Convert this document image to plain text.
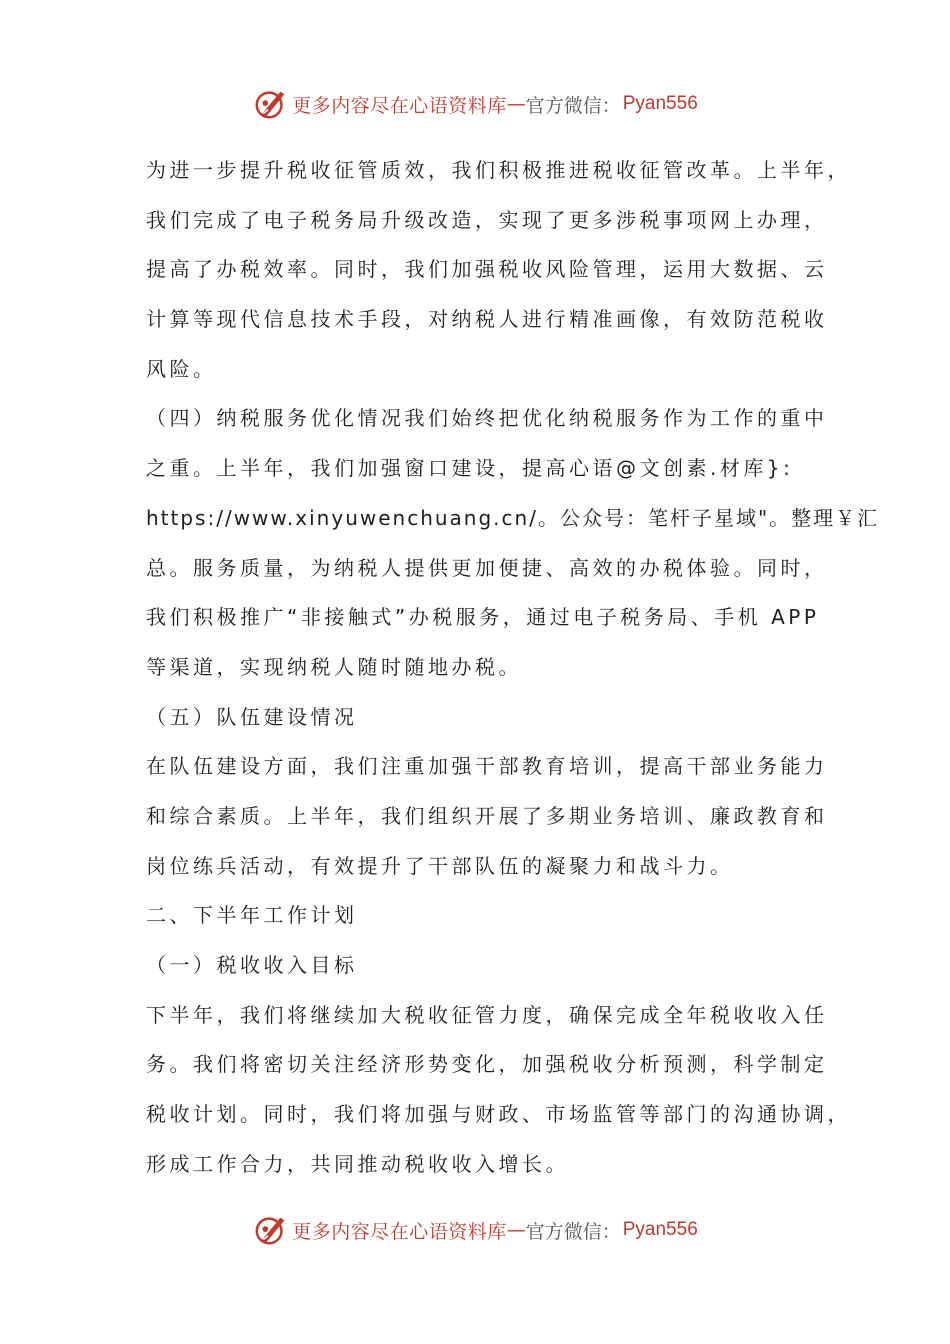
更多内容尽在心语资料库 — 官方微信： Pyan556
为进一步提升税收征管质效，我们积极推进税收征管改革。上半年，
我们完成了电子税务局升级改造，实现了更多涉税事项网上办理，
提高了办税效率。同时，我们加强税收风险管理，运用大数据、云
计算等现代信息技术手段，对纳税人进行精准画像，有效防范税收
风险。
（四）纳税服务优化情况我们始终把优化纳税服务作为工作的重中
之重。上半年，我们加强窗口建设，提高心语@文创素.材库}:
https://www.xinyuwenchuang.cn/。公众号：笔杆子星域"。整理￥汇
总。服务质量，为纳税人提供更加便捷、高效的办税体验。同时，
我们积极推广“非接触式”办税服务，通过电子税务局、手机 APP
等渠道，实现纳税人随时随地办税。
（五）队伍建设情况
在队伍建设方面，我们注重加强干部教育培训，提高干部业务能力
和综合素质。上半年，我们组织开展了多期业务培训、廉政教育和
岗位练兵活动，有效提升了干部队伍的凝聚力和战斗力。
二、下半年工作计划
（一）税收收入目标
下半年，我们将继续加大税收征管力度，确保完成全年税收收入任
务。我们将密切关注经济形势变化，加强税收分析预测，科学制定
税收计划。同时，我们将加强与财政、市场监管等部门的沟通协调，
形成工作合力，共同推动税收收入增长。
更多内容尽在心语资料库 — 官方微信： Pyan556
